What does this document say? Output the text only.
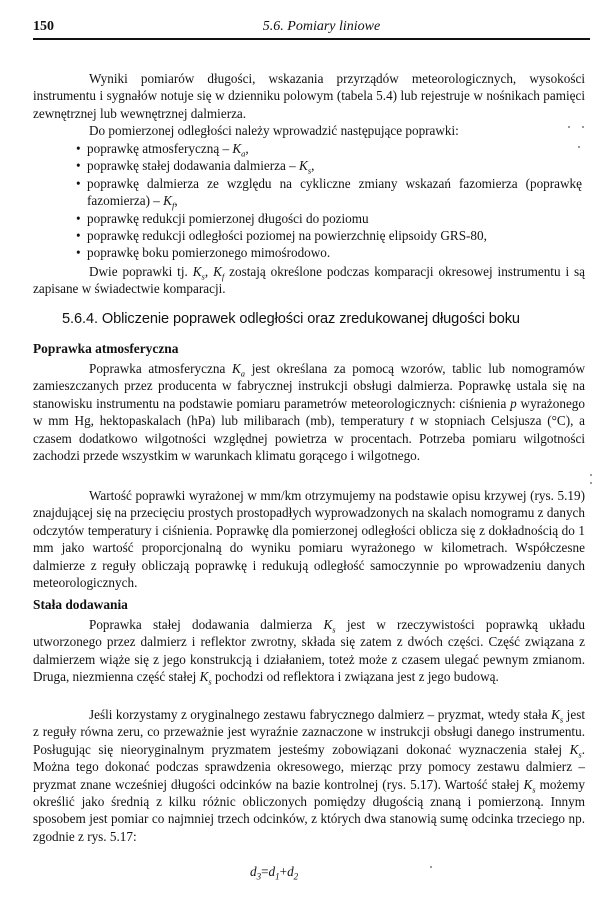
150	5.6. Pomiary liniowe

Wyniki pomiarów długości, wskazania przyrządów meteorologicznych, wysokości instrumentu i sygnałów notuje się w dzienniku polowym (tabela 5.4) lub rejestruje w nośnikach pamięci zewnętrznej lub wewnętrznej dalmierza.

Do pomierzonej odległości należy wprowadzić następujące poprawki:

• poprawkę atmosferyczną – $K_a$,
• poprawkę stałej dodawania dalmierza – $K_s$,
• poprawkę dalmierza ze względu na cykliczne zmiany wskazań fazomierza (poprawkę fazomierza) – $K_f$,
• poprawkę redukcji pomierzonej długości do poziomu
• poprawkę redukcji odległości poziomej na powierzchnię elipsoidy GRS-80,
• poprawkę boku pomierzonego mimośrodowo.

Dwie poprawki tj. $K_s$, $K_f$ zostają określone podczas komparacji okresowej instrumentu i są zapisane w świadectwie komparacji.

5.6.4. Obliczenie poprawek odległości oraz zredukowanej długości boku
Poprawka atmosferyczna

Poprawka atmosferyczna $K_a$ jest określana za pomocą wzorów, tablic lub nomogramów zamieszczanych przez producenta w fabrycznej instrukcji obsługi dalmierza. Poprawkę ustala się na stanowisku instrumentu na podstawie pomiaru parametrów meteorologicznych: ciśnienia p wyrażonego w mm Hg, hektopaskalach (hPa) lub milibarach (mb), temperatury t w stopniach Celsjusza (°C), a czasem dodatkowo wilgotności względnej powietrza w procentach. Potrzeba pomiaru wilgotności zachodzi przede wszystkim w warunkach klimatu gorącego i wilgotnego.

Wartość poprawki wyrażonej w mm/km otrzymujemy na podstawie opisu krzywej (rys. 5.19) znajdującej się na przecięciu prostych prostopadłych wyprowadzonych na skalach nomogramu z danych odczytów temperatury i ciśnienia. Poprawkę dla pomierzonej odległości oblicza się z dokładnością do 1 mm jako wartość proporcjonalną do wyniku pomiaru wyrażonego w kilometrach. Współczesne dalmierze z reguły obliczają poprawkę i redukują odległość samoczynnie po wprowadzeniu danych meteorologicznych.

Stała dodawania

Poprawka stałej dodawania dalmierza $K_s$ jest w rzeczywistości poprawką układu utworzonego przez dalmierz i reflektor zwrotny, składa się zatem z dwóch części. Część związana z dalmierzem wiąże się z jego konstrukcją i działaniem, toteż może z czasem ulegać pewnym zmianom. Druga, niezmienna część stałej $K_s$ pochodzi od reflektora i związana jest z jego budową.

Jeśli korzystamy z oryginalnego zestawu fabrycznego dalmierz – pryzmat, wtedy stała $K_s$ jest z reguły równa zeru, co przeważnie jest wyraźnie zaznaczone w instrukcji obsługi danego instrumentu. Posługując się nieoryginalnym pryzmatem jesteśmy zobowiązani dokonać wyznaczenia stałej $K_s$. Można tego dokonać podczas sprawdzenia okresowego, mierząc przy pomocy zestawu dalmierz – pryzmat znane wcześniej długości odcinków na bazie kontrolnej (rys. 5.17). Wartość stałej $K_s$ możemy określić jako średnią z kilku różnic obliczonych pomiędzy długością znaną i pomierzoną. Innym sposobem jest pomiar co najmniej trzech odcinków, z których dwa stanowią sumę odcinka trzeciego np. zgodnie z rys. 5.17:

$d_3=d_1+d_2$
